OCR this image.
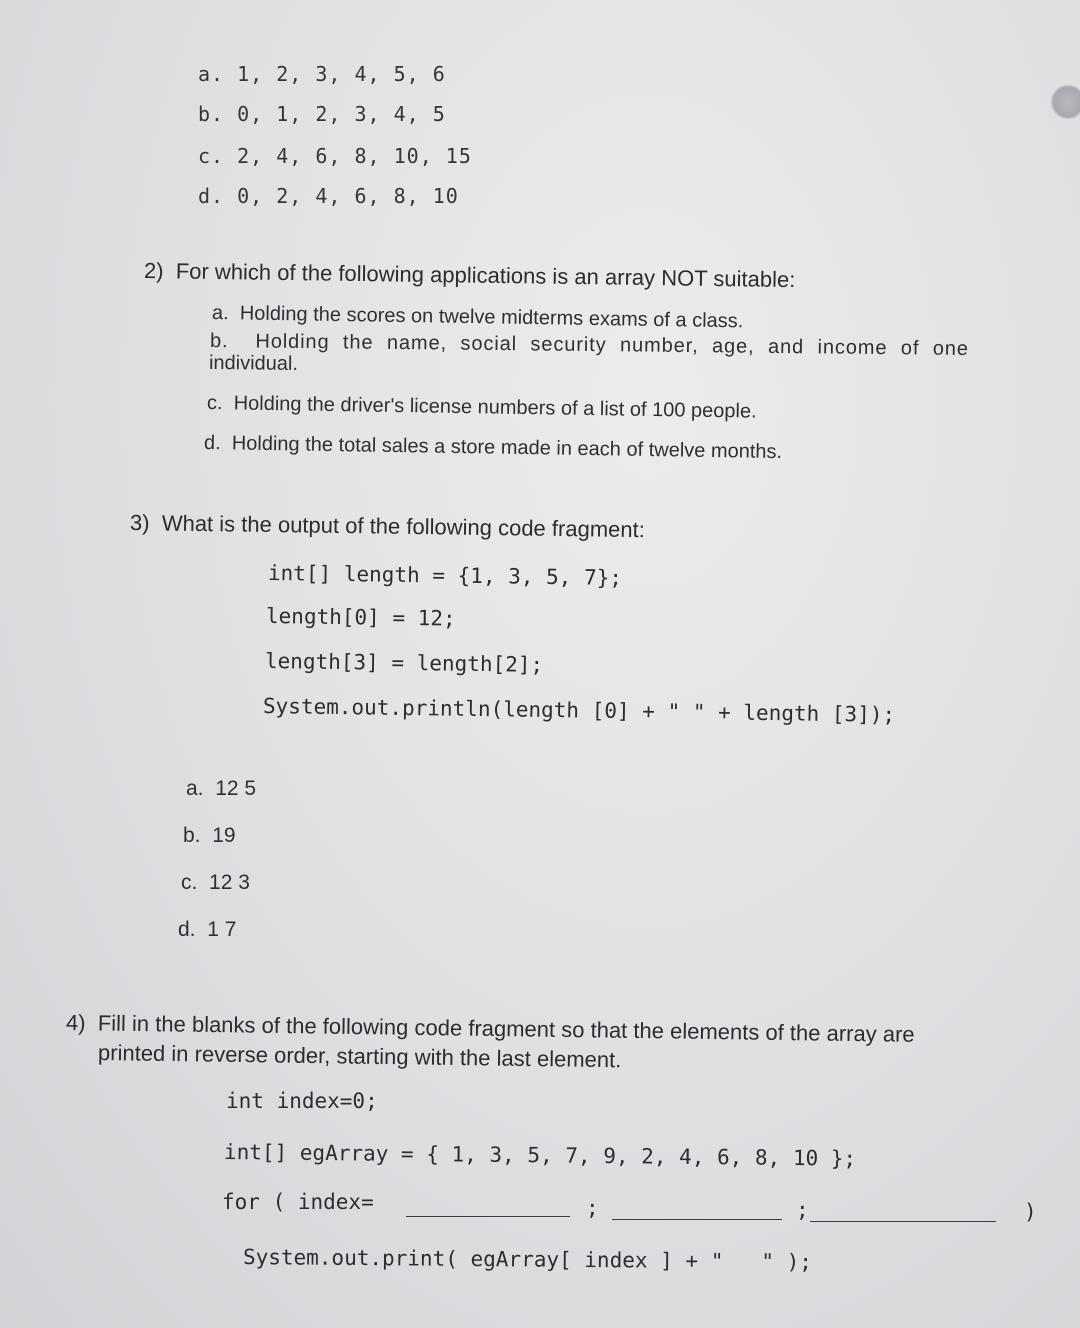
a. 1, 2, 3, 4, 5, 6
b. 0, 1, 2, 3, 4, 5
c. 2, 4, 6, 8, 10, 15
d. 0, 2, 4, 6, 8, 10
2) For which of the following applications is an array NOT suitable:
a. Holding the scores on twelve midterms exams of a class.
b. Holding the name, social security number, age, and income of one
individual.
c. Holding the driver's license numbers of a list of 100 people.
d. Holding the total sales a store made in each of twelve months.
3) What is the output of the following code fragment:
int[] length = {1, 3, 5, 7};
length[0] = 12;
length[3] = length[2];
System.out.println(length [0] + " " + length [3]);
a. 12 5
b. 19
c. 12 3
d. 1 7
4) Fill in the blanks of the following code fragment so that the elements of the array are
printed in reverse order, starting with the last element.
int index=0;
int[] egArray = { 1, 3, 5, 7, 9, 2, 4, 6, 8, 10 };
for ( index=	;	;	)
System.out.print( egArray[ index ] + "   " );
